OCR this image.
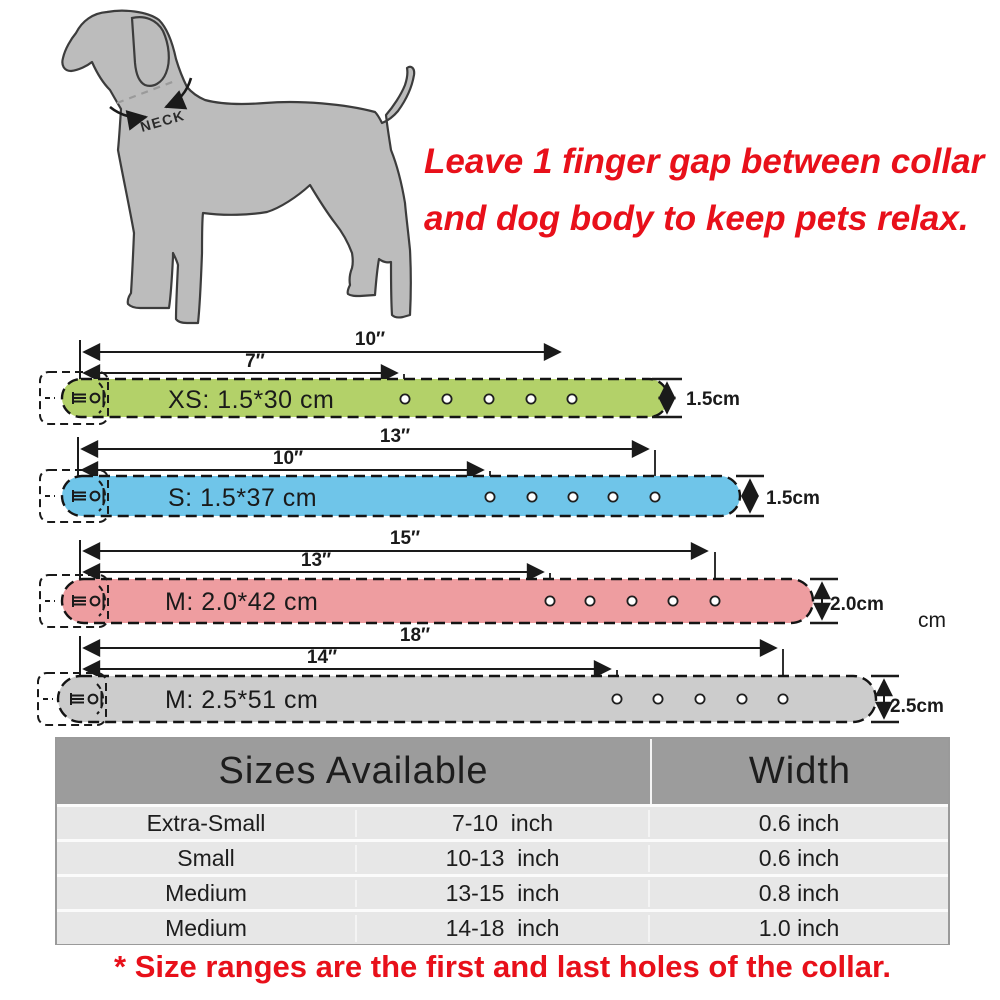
NECK
Leave 1 finger gap between collar
and dog body to keep pets relax.
10″
7″
XS: 1.5*30 cm	1.5cm
13″
10″
S: 1.5*37 cm	1.5cm
15″
13″
M: 2.0*42 cm	2.0cm
cm
18″
14″
M: 2.5*51 cm	2.5cm
Sizes Available	Width
Extra-Small	7-10  inch	0.6 inch
Small	10-13  inch	0.6 inch
Medium	13-15  inch	0.8 inch
Medium	14-18  inch	1.0 inch
* Size ranges are the first and last holes of the collar.
